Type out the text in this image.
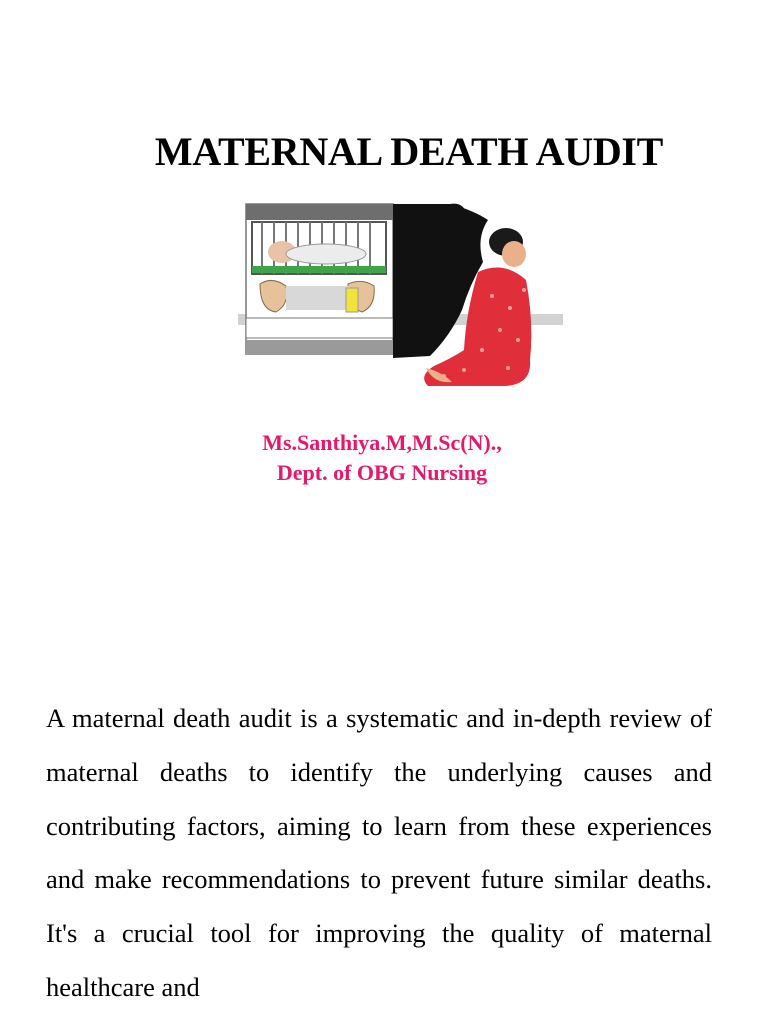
MATERNAL DEATH AUDIT
Ms.Santhiya.M,M.Sc(N).,
Dept. of OBG Nursing

A maternal death audit is a systematic and in-depth review of maternal deaths to identify the underlying causes and contributing factors, aiming to learn from these experiences and make recommendations to prevent future similar deaths. It's a crucial tool for improving the quality of maternal healthcare and
